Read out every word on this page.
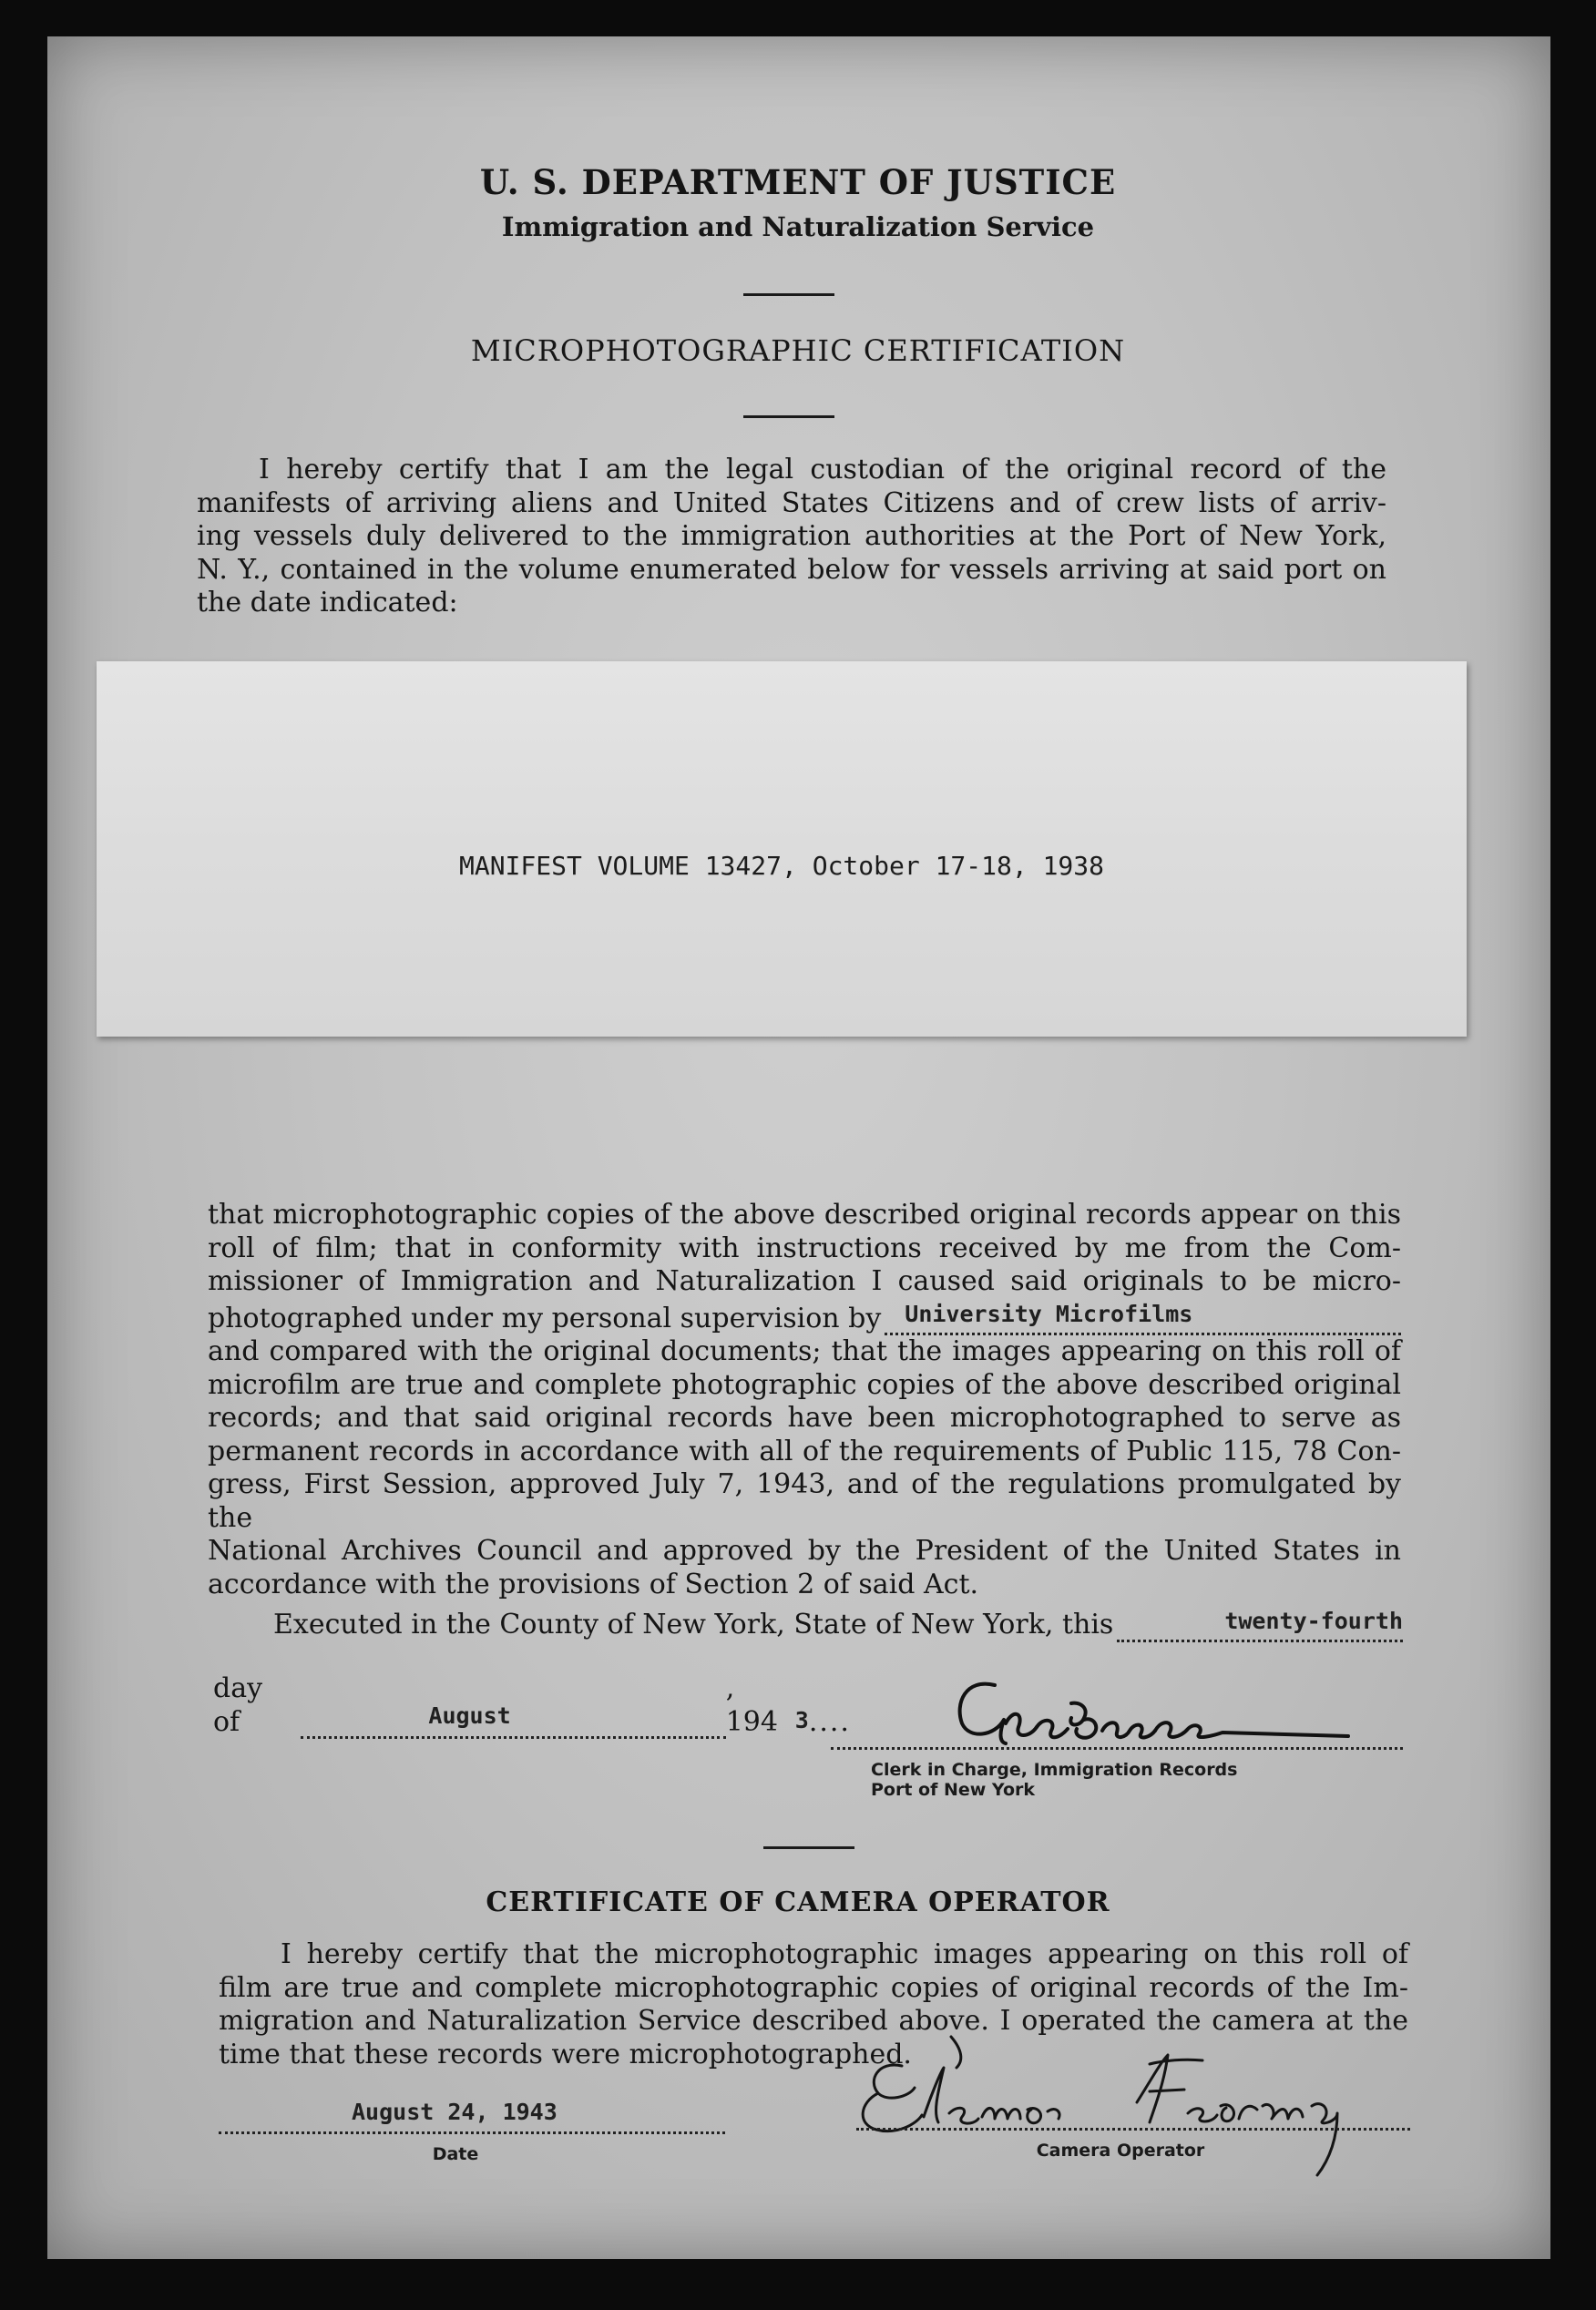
U. S. DEPARTMENT OF JUSTICE
Immigration and Naturalization Service
MICROPHOTOGRAPHIC CERTIFICATION
I hereby certify that I am the legal custodian of the original record of the
manifests of arriving aliens and United States Citizens and of crew lists of arriv-
ing vessels duly delivered to the immigration authorities at the Port of New York,
N. Y., contained in the volume enumerated below for vessels arriving at said port on
the date indicated:
MANIFEST VOLUME 13427, October 17-18, 1938
that microphotographic copies of the above described original records appear on this
roll of film; that in conformity with instructions received by me from the Com-
missioner of Immigration and Naturalization I caused said originals to be micro-
photographed under my personal supervision by University Microfilms
and compared with the original documents; that the images appearing on this roll of
microfilm are true and complete photographic copies of the above described original
records; and that said original records have been microphotographed to serve as
permanent records in accordance with all of the requirements of Public 115, 78 Con-
gress, First Session, approved July 7, 1943, and of the regulations promulgated by the
National Archives Council and approved by the President of the United States in
accordance with the provisions of Section 2 of said Act.
Executed in the County of New York, State of New York, this	twenty-fourth
day of	August
, 194 3 ....
Clerk in Charge, Immigration Records
Port of New York
CERTIFICATE OF CAMERA OPERATOR
I hereby certify that the microphotographic images appearing on this roll of
film are true and complete microphotographic copies of original records of the Im-
migration and Naturalization Service described above. I operated the camera at the
time that these records were microphotographed.
August 24, 1943
Date	Camera Operator
